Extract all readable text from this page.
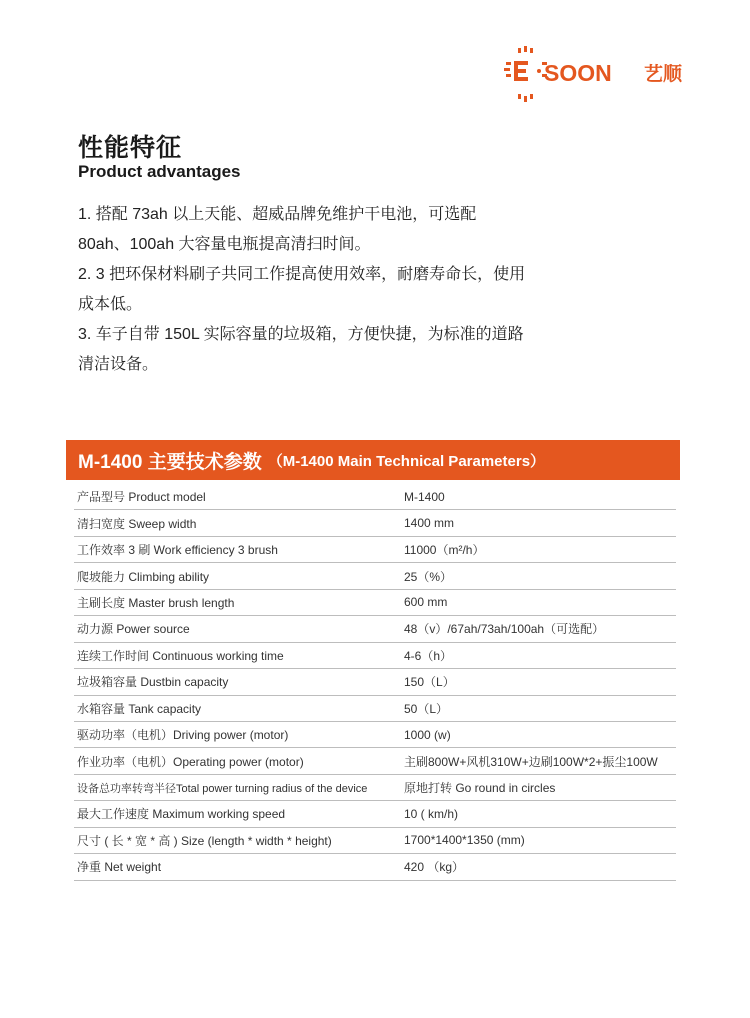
SOON 艺顺
性能特征
Product advantages

1. 搭配 73ah 以上天能、超威品牌免维护干电池，可选配 80ah、100ah 大容量电瓶提高清扫时间。

2. 3 把环保材料刷子共同工作提高使用效率，耐磨寿命长，使用成本低。

3. 车子自带 150L 实际容量的垃圾箱，方便快捷，为标准的道路清洁设备。

M-1400 主要技术参数 （M-1400 Main Technical Parameters）
产品型号 Product model	M-1400
清扫宽度 Sweep width	1400 mm
工作效率 3 刷 Work efficiency 3 brush	11000（m²/h）
爬坡能力 Climbing ability	25（%）
主刷长度 Master brush length	600 mm
动力源 Power source	48（v）/67ah/73ah/100ah（可选配）
连续工作时间 Continuous working time	4-6（h）
垃圾箱容量 Dustbin capacity	150（L）
水箱容量 Tank capacity	50（L）
驱动功率（电机）Driving power (motor)	1000 (w)
作业功率（电机）Operating power (motor)	主刷800W+风机310W+边刷100W*2+振尘100W
设备总功率转弯半径Total power turning radius of the device	原地打转 Go round in circles
最大工作速度 Maximum working speed	10 ( km/h)
尺寸 ( 长 * 宽 * 高 ) Size (length * width * height)	1700*1400*1350 (mm)
净重 Net weight	420 （kg）
